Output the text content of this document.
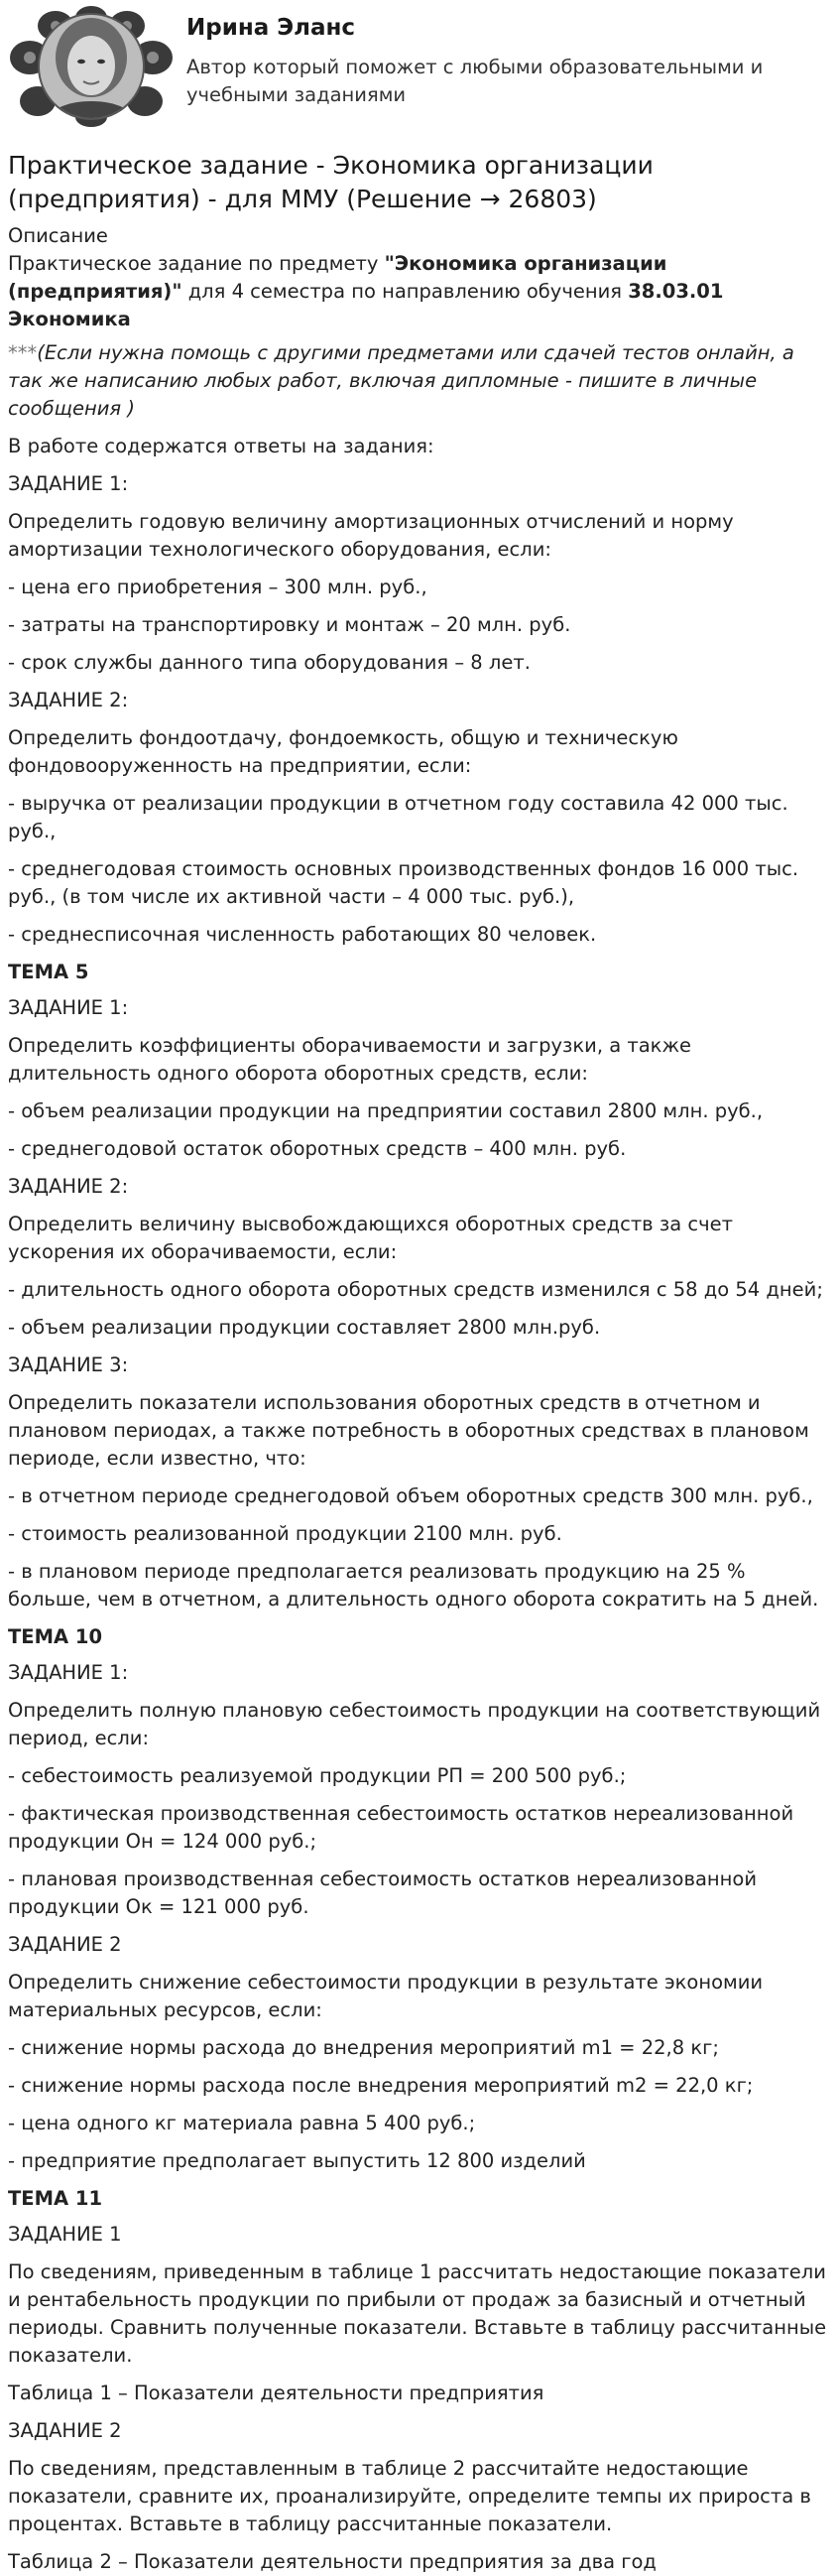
Ирина Эланс
Автор который поможет с любыми образовательными и учебными заданиями
Практическое задание - Экономика организации (предприятия) - для ММУ (Решение → 26803)
Описание

Практическое задание по предмету "Экономика организации (предприятия)" для 4 семестра по направлению обучения 38.03.01 Экономика

***(Если нужна помощь с другими предметами или сдачей тестов онлайн, а так же написанию любых работ, включая дипломные - пишите в личные сообщения )

В работе содержатся ответы на задания:

ЗАДАНИЕ 1:

Определить годовую величину амортизационных отчислений и норму амортизации технологического оборудования, если:

- цена его приобретения – 300 млн. руб.,

- затраты на транспортировку и монтаж – 20 млн. руб.

- срок службы данного типа оборудования – 8 лет.

ЗАДАНИЕ 2:

Определить фондоотдачу, фондоемкость, общую и техническую фондовооруженность на предприятии, если:

- выручка от реализации продукции в отчетном году составила 42 000 тыс. руб.,

- среднегодовая стоимость основных производственных фондов 16 000 тыс. руб., (в том числе их активной части – 4 000 тыс. руб.),

- среднесписочная численность работающих 80 человек.

ТЕМА 5

ЗАДАНИЕ 1:

Определить коэффициенты оборачиваемости и загрузки, а также длительность одного оборота оборотных средств, если:

- объем реализации продукции на предприятии составил 2800 млн. руб.,

- среднегодовой остаток оборотных средств – 400 млн. руб.

ЗАДАНИЕ 2:

Определить величину высвобождающихся оборотных средств за счет ускорения их оборачиваемости, если:

- длительность одного оборота оборотных средств изменился с 58 до 54 дней;

- объем реализации продукции составляет 2800 млн.руб.

ЗАДАНИЕ 3:

Определить показатели использования оборотных средств в отчетном и плановом периодах, а также потребность в оборотных средствах в плановом периоде, если известно, что:

- в отчетном периоде среднегодовой объем оборотных средств 300 млн. руб.,

- стоимость реализованной продукции 2100 млн. руб.

- в плановом периоде предполагается реализовать продукцию на 25 % больше, чем в отчетном, а длительность одного оборота сократить на 5 дней.

ТЕМА 10

ЗАДАНИЕ 1:

Определить полную плановую себестоимость продукции на соответствующий период, если:

- себестоимость реализуемой продукции РП = 200 500 руб.;

- фактическая производственная себестоимость остатков нереализованной продукции Он = 124 000 руб.;

- плановая производственная себестоимость остатков нереализованной продукции Ок = 121 000 руб.

ЗАДАНИЕ 2

Определить снижение себестоимости продукции в результате экономии материальных ресурсов, если:

- снижение нормы расхода до внедрения мероприятий m1 = 22,8 кг;

- снижение нормы расхода после внедрения мероприятий m2 = 22,0 кг;

- цена одного кг материала равна 5 400 руб.;

- предприятие предполагает выпустить 12 800 изделий

ТЕМА 11

ЗАДАНИЕ 1

По сведениям, приведенным в таблице 1 рассчитать недостающие показатели и рентабельность продукции по прибыли от продаж за базисный и отчетный периоды. Сравнить полученные показатели. Вставьте в таблицу рассчитанные показатели.

Таблица 1 – Показатели деятельности предприятия

ЗАДАНИЕ 2

По сведениям, представленным в таблице 2 рассчитайте недостающие показатели, сравните их, проанализируйте, определите темпы их прироста в процентах. Вставьте в таблицу рассчитанные показатели.

Таблица 2 – Показатели деятельности предприятия за два год
